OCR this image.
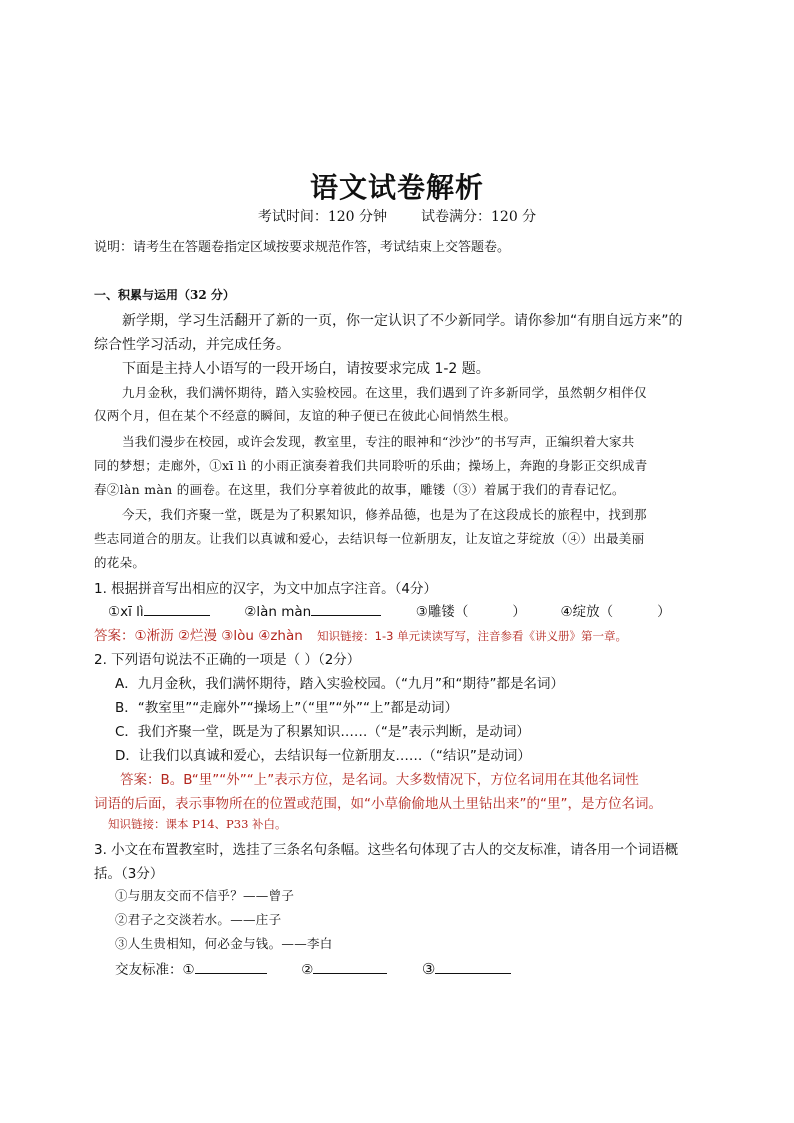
语文试卷解析
考试时间：120 分钟 试卷满分：120 分
说明：请考生在答题卷指定区域按要求规范作答，考试结束上交答题卷。
一、积累与运用（32 分）
新学期，学习生活翻开了新的一页，你一定认识了不少新同学。请你参加“有朋自远方来”的
综合性学习活动，并完成任务。
下面是主持人小语写的一段开场白，请按要求完成 1-2 题。
九月金秋，我们满怀期待，踏入实验校园。在这里，我们遇到了许多新同学，虽然朝夕相伴仅
仅两个月，但在某个不经意的瞬间，友谊的种子便已在彼此心间悄然生根。
当我们漫步在校园，或许会发现，教室里，专注的眼神和“沙沙”的书写声，正编织着大家共
同的梦想；走廊外，①xī lì 的小雨正演奏着我们共同聆听的乐曲；操场上，奔跑的身影正交织成青
春②làn màn 的画卷。在这里，我们分享着彼此的故事，雕镂（③）着属于我们的青春记忆。
今天，我们齐聚一堂，既是为了积累知识，修养品德，也是为了在这段成长的旅程中，找到那
些志同道合的朋友。让我们以真诚和爱心，去结识每一位新朋友，让友谊之芽绽放（④）出最美丽
的花朵。
1. 根据拼音写出相应的汉字，为文中加点字注音。（4分）
①xī lì	②làn màn	③雕镂（	）	④绽放（	）
答案：①淅沥 ②烂漫 ③lòu ④zhàn 知识链接：1-3 单元读读写写，注音参看《讲义册》第一章。
2. 下列语句说法不正确的一项是（ ）（2分）
A．九月金秋，我们满怀期待，踏入实验校园。（“九月”和“期待”都是名词）
B．“教室里”“走廊外”“操场上”（“里”“外”“上”都是动词）
C．我们齐聚一堂，既是为了积累知识……（“是”表示判断，是动词）
D．让我们以真诚和爱心，去结识每一位新朋友……（“结识”是动词）
答案：B。B“里”“外”“上”表示方位，是名词。大多数情况下，方位名词用在其他名词性
词语的后面，表示事物所在的位置或范围，如“小草偷偷地从土里钻出来”的“里”，是方位名词。
知识链接：课本 P14、P33 补白。
3. 小文在布置教室时，选挂了三条名句条幅。这些名句体现了古人的交友标准，请各用一个词语概
括。（3分）
①与朋友交而不信乎？——曾子
②君子之交淡若水。——庄子
③人生贵相知，何必金与钱。——李白
交友标准：①	②	③
